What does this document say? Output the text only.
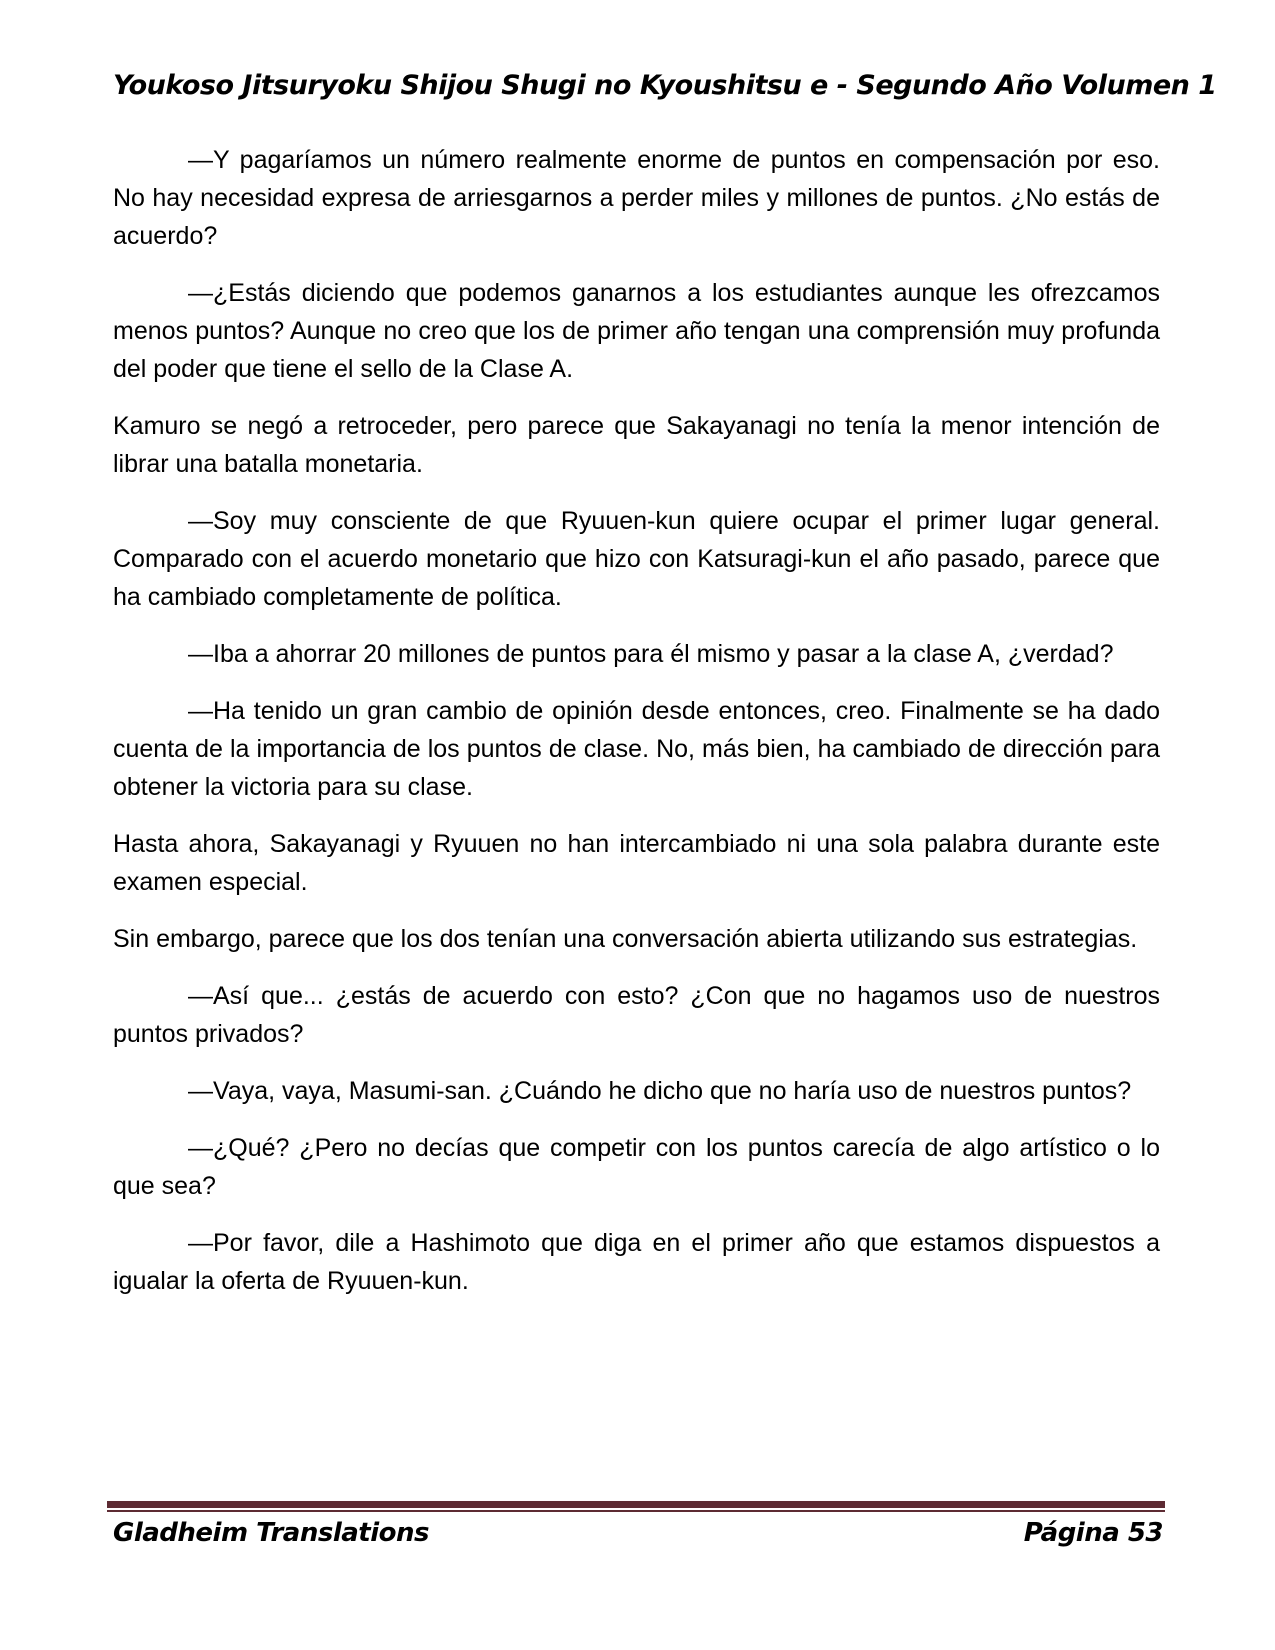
Youkoso Jitsuryoku Shijou Shugi no Kyoushitsu e - Segundo Año Volumen 1

—Y pagaríamos un número realmente enorme de puntos en compensación por eso. No hay necesidad expresa de arriesgarnos a perder miles y millones de puntos. ¿No estás de acuerdo?

—¿Estás diciendo que podemos ganarnos a los estudiantes aunque les ofrezcamos menos puntos? Aunque no creo que los de primer año tengan una comprensión muy profunda del poder que tiene el sello de la Clase A.

Kamuro se negó a retroceder, pero parece que Sakayanagi no tenía la menor intención de librar una batalla monetaria.

—Soy muy consciente de que Ryuuen-kun quiere ocupar el primer lugar general. Comparado con el acuerdo monetario que hizo con Katsuragi-kun el año pasado, parece que ha cambiado completamente de política.

—Iba a ahorrar 20 millones de puntos para él mismo y pasar a la clase A, ¿verdad?

—Ha tenido un gran cambio de opinión desde entonces, creo. Finalmente se ha dado cuenta de la importancia de los puntos de clase. No, más bien, ha cambiado de dirección para obtener la victoria para su clase.

Hasta ahora, Sakayanagi y Ryuuen no han intercambiado ni una sola palabra durante este examen especial.

Sin embargo, parece que los dos tenían una conversación abierta utilizando sus estrategias.

—Así que... ¿estás de acuerdo con esto? ¿Con que no hagamos uso de nuestros puntos privados?

—Vaya, vaya, Masumi-san. ¿Cuándo he dicho que no haría uso de nuestros puntos?

—¿Qué? ¿Pero no decías que competir con los puntos carecía de algo artístico o lo que sea?

—Por favor, dile a Hashimoto que diga en el primer año que estamos dispuestos a igualar la oferta de Ryuuen-kun.

Gladheim Translations	Página 53
